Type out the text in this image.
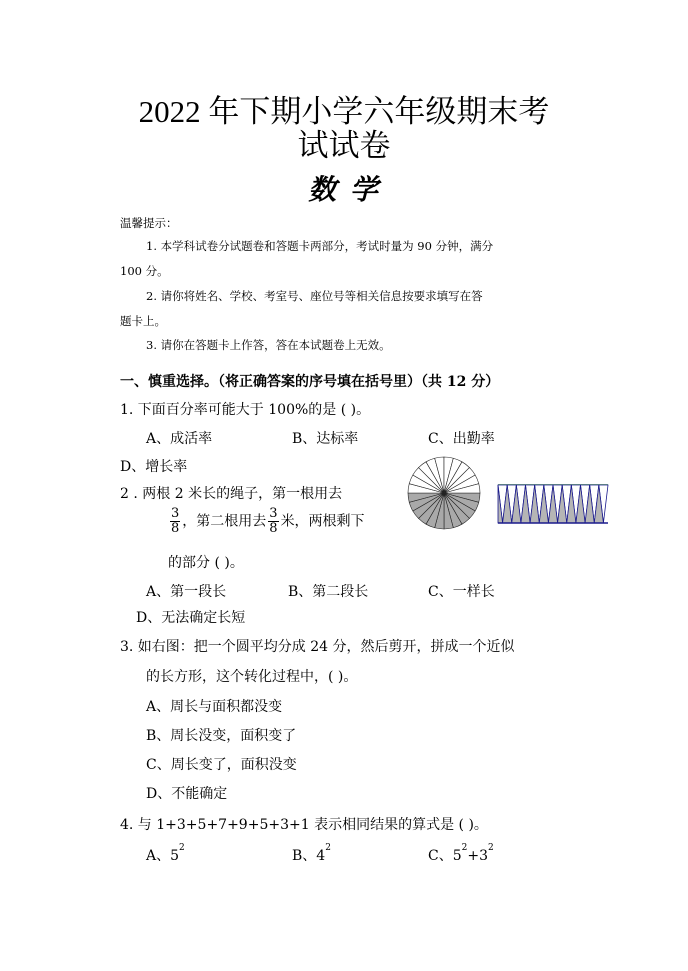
2022 年下期小学六年级期末考
试试卷
数 学
温馨提示：
1. 本学科试卷分试题卷和答题卡两部分，考试时量为 90 分钟，满分
100 分。
2. 请你将姓名、学校、考室号、座位号等相关信息按要求填写在答
题卡上。
3. 请你在答题卡上作答，答在本试题卷上无效。
一、慎重选择。（将正确答案的序号填在括号里）（共 12 分）
1. 下面百分率可能大于 100%的是 ( )。
A、成活率	B、达标率	C、出勤率
D、增长率
2 . 两根 2 米长的绳子，第一根用去
$\frac{3}{8}$ ，第二根用去 $\frac{3}{8}$ 米，两根剩下
的部分 ( )。
A、第一段长	B、第二段长	C、一样长
D、无法确定长短
3. 如右图：把一个圆平均分成 24 分，然后剪开，拼成一个近似
的长方形，这个转化过程中，( )。
A、周长与面积都没变
B、周长没变，面积变了
C、周长变了，面积没变
D、不能确定
4. 与 1+3+5+7+9+5+3+1 表示相同结果的算式是 ( )。
A、$5^2$	B、$4^2$	C、$5^2+3^2$
